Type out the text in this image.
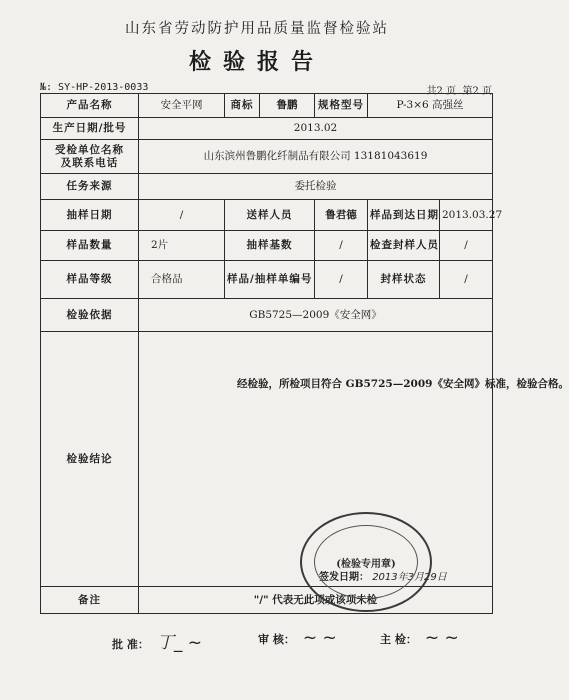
山东省劳动防护用品质量监督检验站
检验报告
№: SY-HP-2013-0033	共2 页 第2 页
产品名称	安全平网	商标	鲁鹏	规格型号	P-3×6 高强丝	
生产日期/批号	2013.02					

受检单位名称
及联系电话	山东滨州鲁鹏化纤制品有限公司 13181043619					
任务来源	委托检验					
抽样日期	/	送样人员		鲁君德	样品到达日期	2013.03.27
样品数量	2片	抽样基数		/	检查封样人员	/
样品等级	合格品	样品/抽样单编号		/	封样状态	/
检验依据	GB5725—2009《安全网》					
检验结论	经检验，所检项目符合 GB5725—2009《安全网》标准，检验合格。
签发日期： 2013年3月29日					

备注	"/" 代表无此项或该项未检					
(检验专用章)
批 准： 丁_ ~	审 核： ~ ~	主 检： ~ ~
